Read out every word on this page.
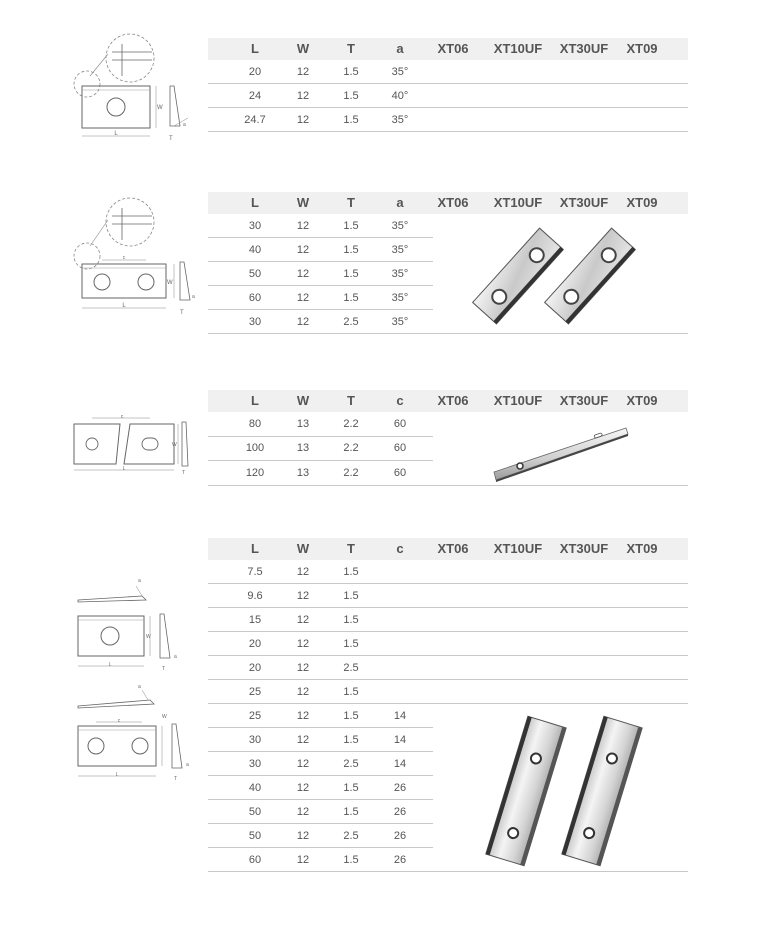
L
W
a
T
L	W	T	a	XT06	XT10UF	XT30UF	XT09
20	12	1.5	35°
24	12	1.5	40°
24.7	12	1.5	35°
c
L
W
a
T
L	W	T	a	XT06	XT10UF	XT30UF	XT09
30	12	1.5	35°
40	12	1.5	35°
50	12	1.5	35°
60	12	1.5	35°
30	12	2.5	35°
c
L
W
T
L	W	T	c	XT06	XT10UF	XT30UF	XT09
80	13	2.2	60
100	13	2.2	60
120	13	2.2	60
a
L
W
a
T
a
c
L
W
a
T
L	W	T	c	XT06	XT10UF	XT30UF	XT09
7.5	12	1.5
9.6	12	1.5
15	12	1.5
20	12	1.5
20	12	2.5
25	12	1.5
25	12	1.5	14
30	12	1.5	14
30	12	2.5	14
40	12	1.5	26
50	12	1.5	26
50	12	2.5	26
60	12	1.5	26
